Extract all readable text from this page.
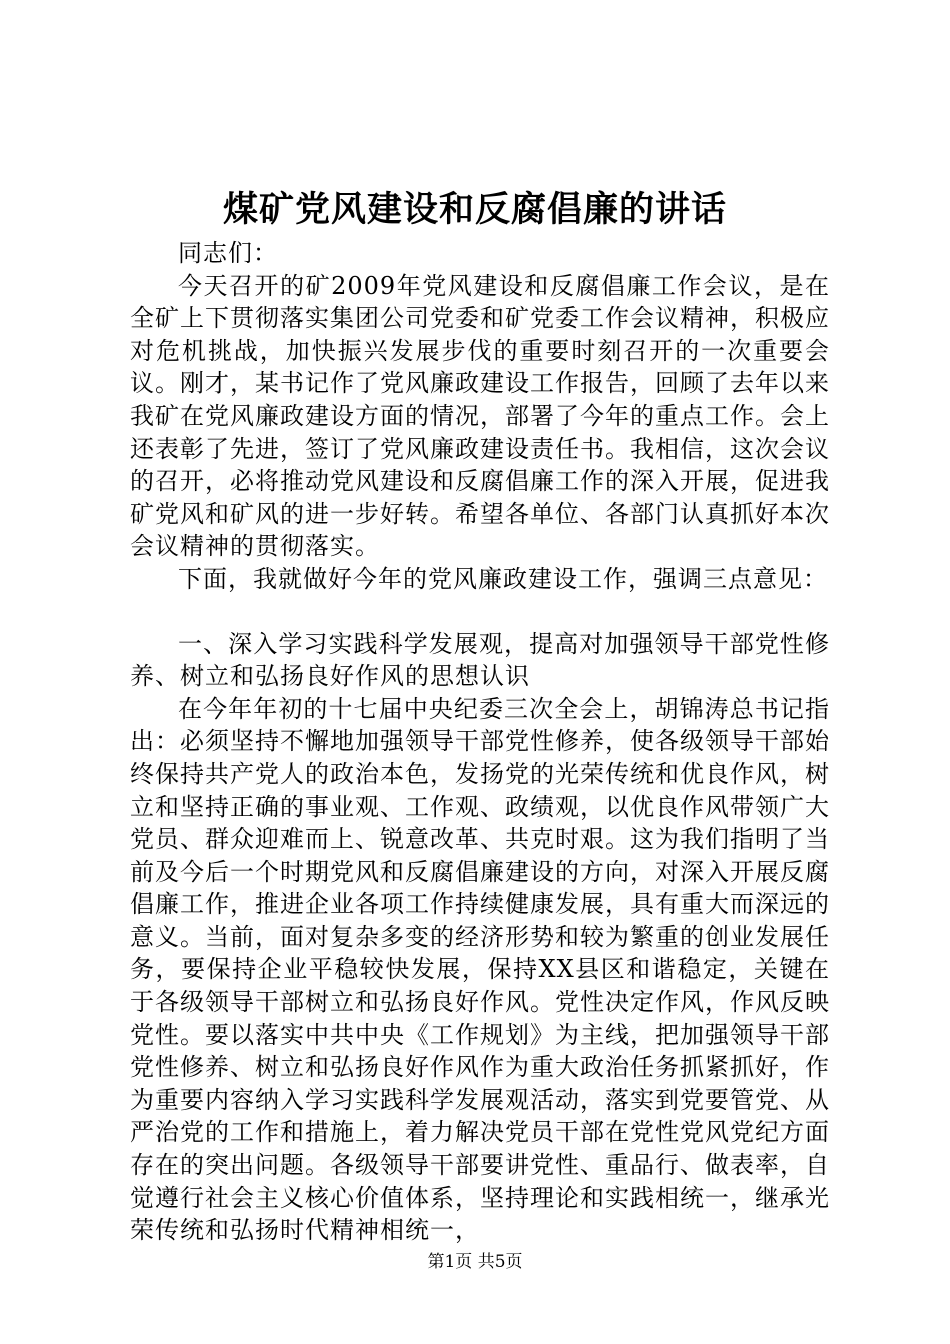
煤矿党风建设和反腐倡廉的讲话

同志们：

今天召开的矿2009年党风建设和反腐倡廉工作会议，是在全矿上下贯彻落实集团公司党委和矿党委工作会议精神，积极应对危机挑战，加快振兴发展步伐的重要时刻召开的一次重要会议。刚才，某书记作了党风廉政建设工作报告，回顾了去年以来我矿在党风廉政建设方面的情况，部署了今年的重点工作。会上还表彰了先进，签订了党风廉政建设责任书。我相信，这次会议的召开，必将推动党风建设和反腐倡廉工作的深入开展，促进我矿党风和矿风的进一步好转。希望各单位、各部门认真抓好本次会议精神的贯彻落实。

下面，我就做好今年的党风廉政建设工作，强调三点意见：

一、深入学习实践科学发展观，提高对加强领导干部党性修养、树立和弘扬良好作风的思想认识

在今年年初的十七届中央纪委三次全会上，胡锦涛总书记指出：必须坚持不懈地加强领导干部党性修养，使各级领导干部始终保持共产党人的政治本色，发扬党的光荣传统和优良作风，树立和坚持正确的事业观、工作观、政绩观，以优良作风带领广大党员、群众迎难而上、锐意改革、共克时艰。这为我们指明了当前及今后一个时期党风和反腐倡廉建设的方向，对深入开展反腐倡廉工作，推进企业各项工作持续健康发展，具有重大而深远的意义。当前，面对复杂多变的经济形势和较为繁重的创业发展任务，要保持企业平稳较快发展，保持XX县区和谐稳定，关键在于各级领导干部树立和弘扬良好作风。党性决定作风，作风反映党性。要以落实中共中央《工作规划》为主线，把加强领导干部党性修养、树立和弘扬良好作风作为重大政治任务抓紧抓好，作为重要内容纳入学习实践科学发展观活动，落实到党要管党、从严治党的工作和措施上，着力解决党员干部在党性党风党纪方面存在的突出问题。各级领导干部要讲党性、重品行、做表率，自觉遵行社会主义核心价值体系，坚持理论和实践相统一，继承光荣传统和弘扬时代精神相统一，

第1页 共5页
